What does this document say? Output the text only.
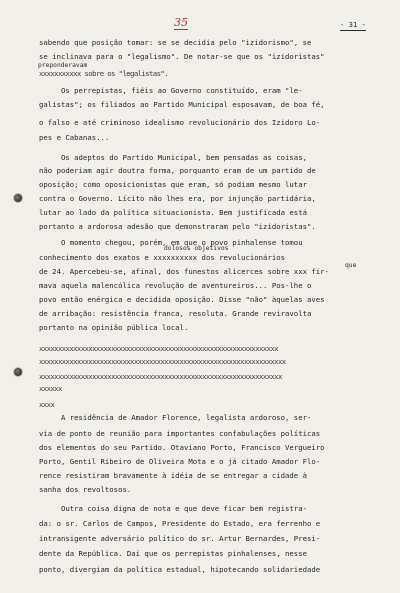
35	- 31 -
sabendo que posição tomar: se se decidia pelo "izidorismo", se
se inclinava para o "legalismo". De notar-se que os "izidoristas"
preponderavam
xxxxxxxxxxx sobre os "legalistas".
Os perrepistas, fiéis ao Governo constituído, eram "le-
galistas"; os filiados ao Partido Municipal esposavam, de boa fé,
o falso e até criminoso idealismo revolucionário dos Izidoro Lo-
pes e Cabanas...
Os adeptos do Partido Municipal, bem pensadas as coisas,
não poderiam agir doutra forma, porquanto eram de um partido de
oposição; como oposicionistas que eram, só podiam mesmo lutar
contra o Governo. Lícito não lhes era, por injunção partidária,
lutar ao lado da política situacionista. Bem justificada está
portanto a ardorosa adesão que demonstraram pelo "izidoristas".
O momento chegou, porém, em que o povo pinhalense tomou
dolosos objetivos
conhecimento dos exatos e xxxxxxxxxx dos revolucionários
que
de 24. Apercebeu-se, afinal, dos funestos alicerces sobre xxx fir-
mava aquela malencólica revolução de aventureiros... Pos-lhe o
povo então enérgica e decidida oposição. Disse "não" àquelas aves
de arribação: resistência franca, resoluta. Grande reviravolta
portanto na opinião pública local.
xxxxxxxxxxxxxxxxxxxxxxxxxxxxxxxxxxxxxxxxxxxxxxxxxxxxxxxxxxxxxxx
xxxxxxxxxxxxxxxxxxxxxxxxxxxxxxxxxxxxxxxxxxxxxxxxxxxxxxxxxxxxxxxxx
xxxxxxxxxxxxxxxxxxxxxxxxxxxxxxxxxxxxxxxxxxxxxxxxxxxxxxxxxxxxxxxx
xxxxxx
xxxx
A residência de Amador Florence, legalista ardoroso, ser-
via de ponto de reunião para importantes confabulações políticas
dos elementos do seu Partido. Otaviano Porto, Francisco Vergueiro
Porto, Gentil Ribeiro de Oliveira Mota e o já citado Amador Flo-
rence resistiram bravamente à idéia de se entregar a cidade à
sanha dos revoltosos.
Outra coisa digna de nota e que deve ficar bem registra-
da: o sr. Carlos de Campos, Presidente do Estado, era ferrenho e
intransigente adversário político do sr. Artur Bernardes, Presi-
dente da República. Daí que os perrepistas pinhalenses, nesse
ponto, divergiam da política estadual, hipotecando solidariedade
